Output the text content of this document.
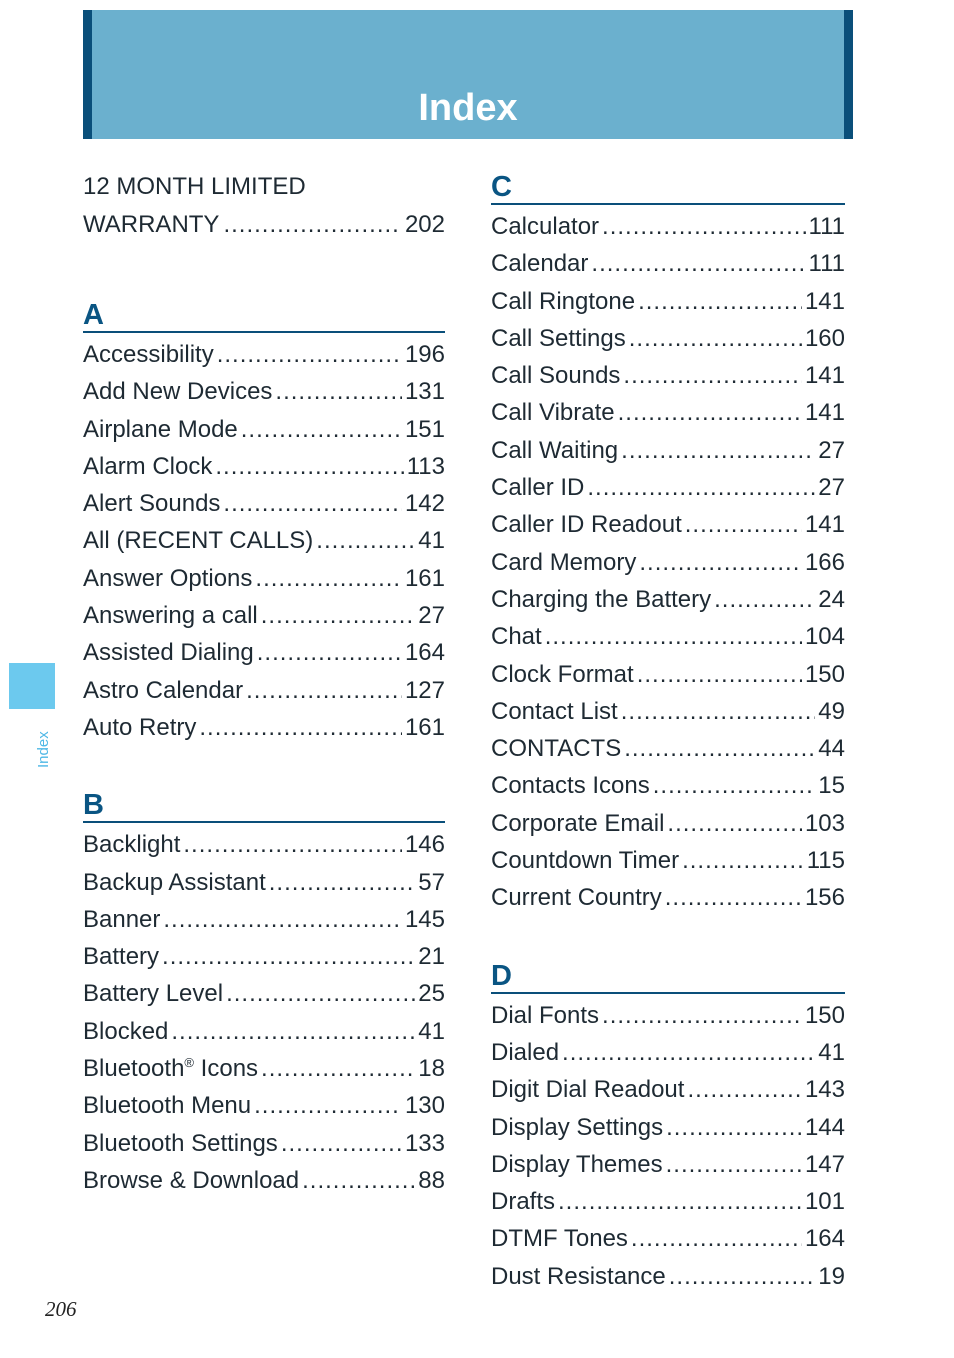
Index
Index
206
12 MONTH LIMITED
WARRANTY .....	202
A
Accessibility .....	196
Add New Devices .....	131
Airplane Mode .....	151
Alarm Clock .....	113
Alert Sounds .....	142
All (RECENT CALLS) .....	41
Answer Options .....	161
Answering a call .....	27
Assisted Dialing .....	164
Astro Calendar .....	127
Auto Retry .....	161
B
Backlight .....	146
Backup Assistant .....	57
Banner .....	145
Battery .....	21
Battery Level .....	25
Blocked .....	41
Bluetooth® Icons .....	18
Bluetooth Menu .....	130
Bluetooth Settings .....	133
Browse & Download .....	88
C
Calculator .....	111
Calendar .....	111
Call Ringtone .....	141
Call Settings .....	160
Call Sounds .....	141
Call Vibrate .....	141
Call Waiting .....	27
Caller ID .....	27
Caller ID Readout .....	141
Card Memory .....	166
Charging the Battery .....	24
Chat .....	104
Clock Format .....	150
Contact List .....	49
CONTACTS .....	44
Contacts Icons .....	15
Corporate Email .....	103
Countdown Timer .....	115
Current Country .....	156
D
Dial Fonts .....	150
Dialed .....	41
Digit Dial Readout .....	143
Display Settings .....	144
Display Themes .....	147
Drafts .....	101
DTMF Tones .....	164
Dust Resistance .....	19
